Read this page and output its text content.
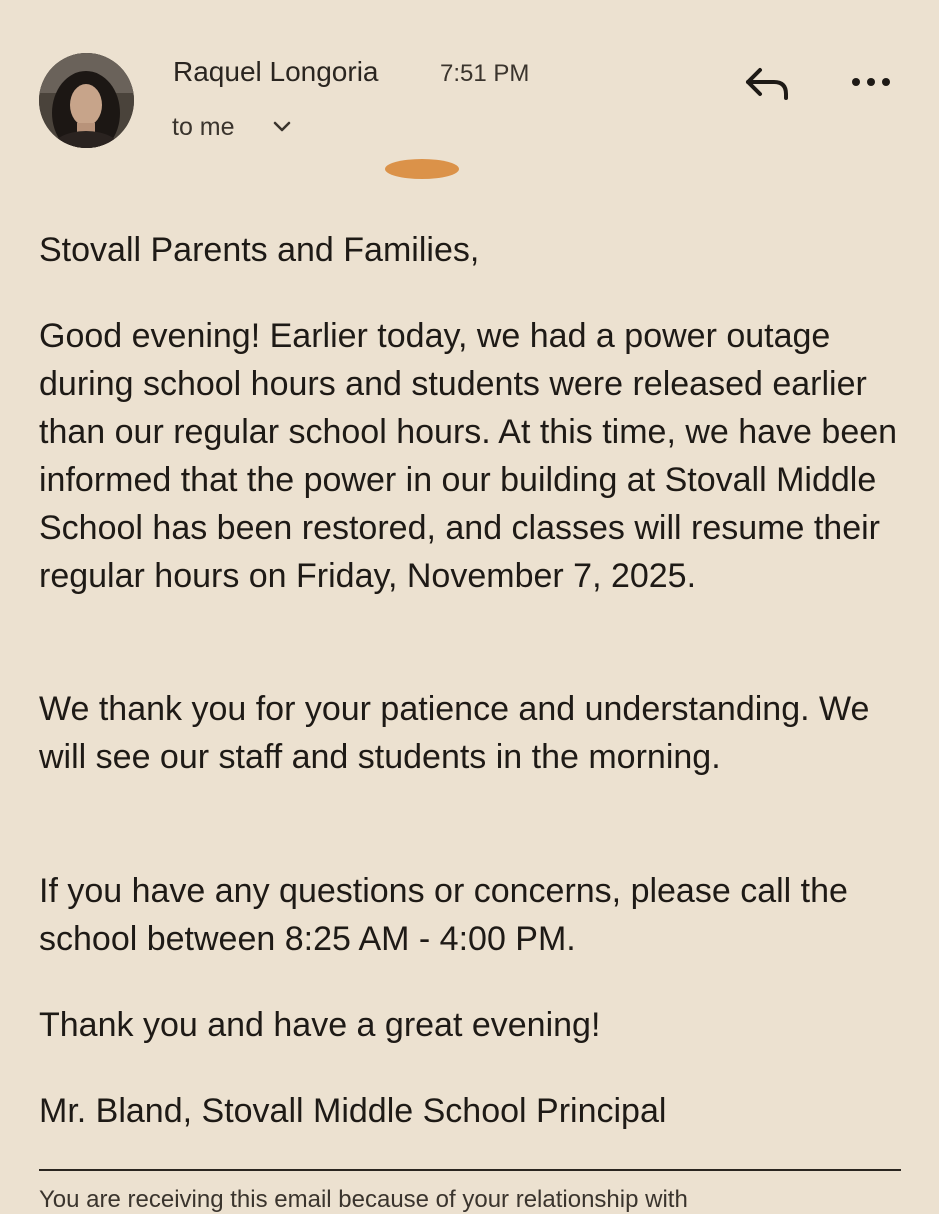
Raquel Longoria	7:51 PM
to me

Stovall Parents and Families,

Good evening! Earlier today, we had a power outage during school hours and students were released earlier than our regular school hours. At this time, we have been informed that the power in our building at Stovall Middle School has been restored, and classes will resume their regular hours on Friday, November 7, 2025.

We thank you for your patience and understanding. We will see our staff and students in the morning.

If you have any questions or concerns, please call the school between 8:25 AM - 4:00 PM.

Thank you and have a great evening!

Mr. Bland, Stovall Middle School Principal

You are receiving this email because of your relationship with
